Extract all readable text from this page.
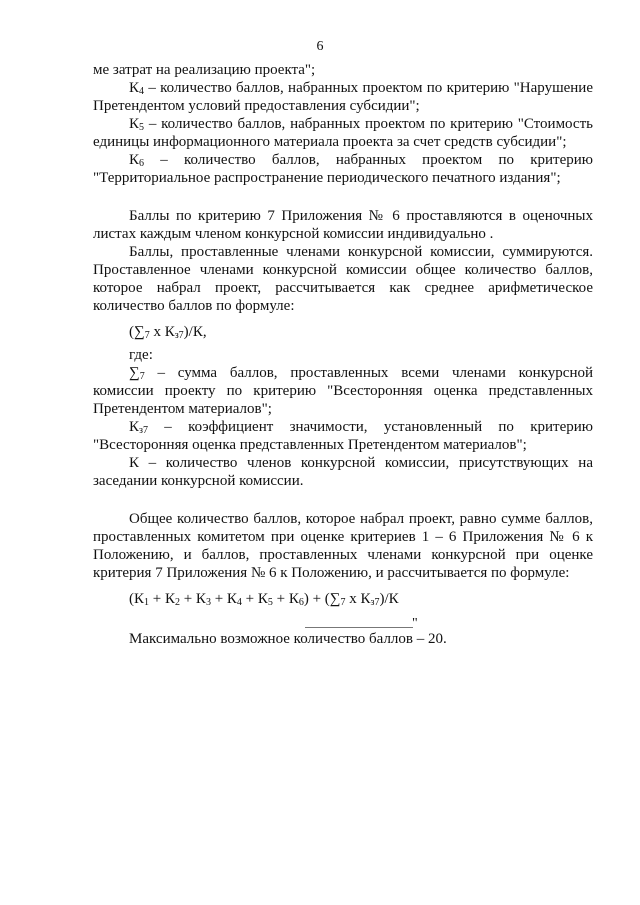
6

ме затрат на реализацию проекта";

$К_4$ – количество баллов, набранных проектом по критерию "Нарушение Претендентом условий предоставления субсидии";

$К_5$ – количество баллов, набранных проектом по критерию "Стоимость единицы информационного материала проекта за счет средств субсидии";

$К_6$ – количество баллов, набранных проектом по критерию "Территориальное распространение периодического печатного издания";

Баллы по критерию 7 Приложения № 6 проставляются в оценочных листах каждым членом конкурсной комиссии индивидуально .

Баллы, проставленные членами конкурсной комиссии, суммируются. Проставленное членами конкурсной комиссии общее количество баллов, которое набрал проект, рассчитывается как среднее арифметическое количество баллов по формуле:

($\sum_7$ х $К_{з7})/К$,

где:

$\sum_7$ – сумма баллов, проставленных всеми членами конкурсной комиссии проекту по критерию "Всесторонняя оценка представленных Претендентом материалов";

$К_{з7}$ – коэффициент значимости, установленный по критерию "Всесторонняя оценка представленных Претендентом материалов";

К – количество членов конкурсной комиссии, присутствующих на заседании конкурсной комиссии.

Общее количество баллов, которое набрал проект, равно сумме баллов, проставленных комитетом при оценке критериев 1 – 6 Приложения № 6 к Положению, и баллов, проставленных членами конкурсной при оценке критерия 7 Приложения № 6 к Положению, и рассчитывается по формуле:

$(К_1 + К_2 + К_3 + К_4 + К_5 + К_6) + (\sum_7$ х $К_{з7})/К$

Максимально возможное количество баллов – 20.

"
